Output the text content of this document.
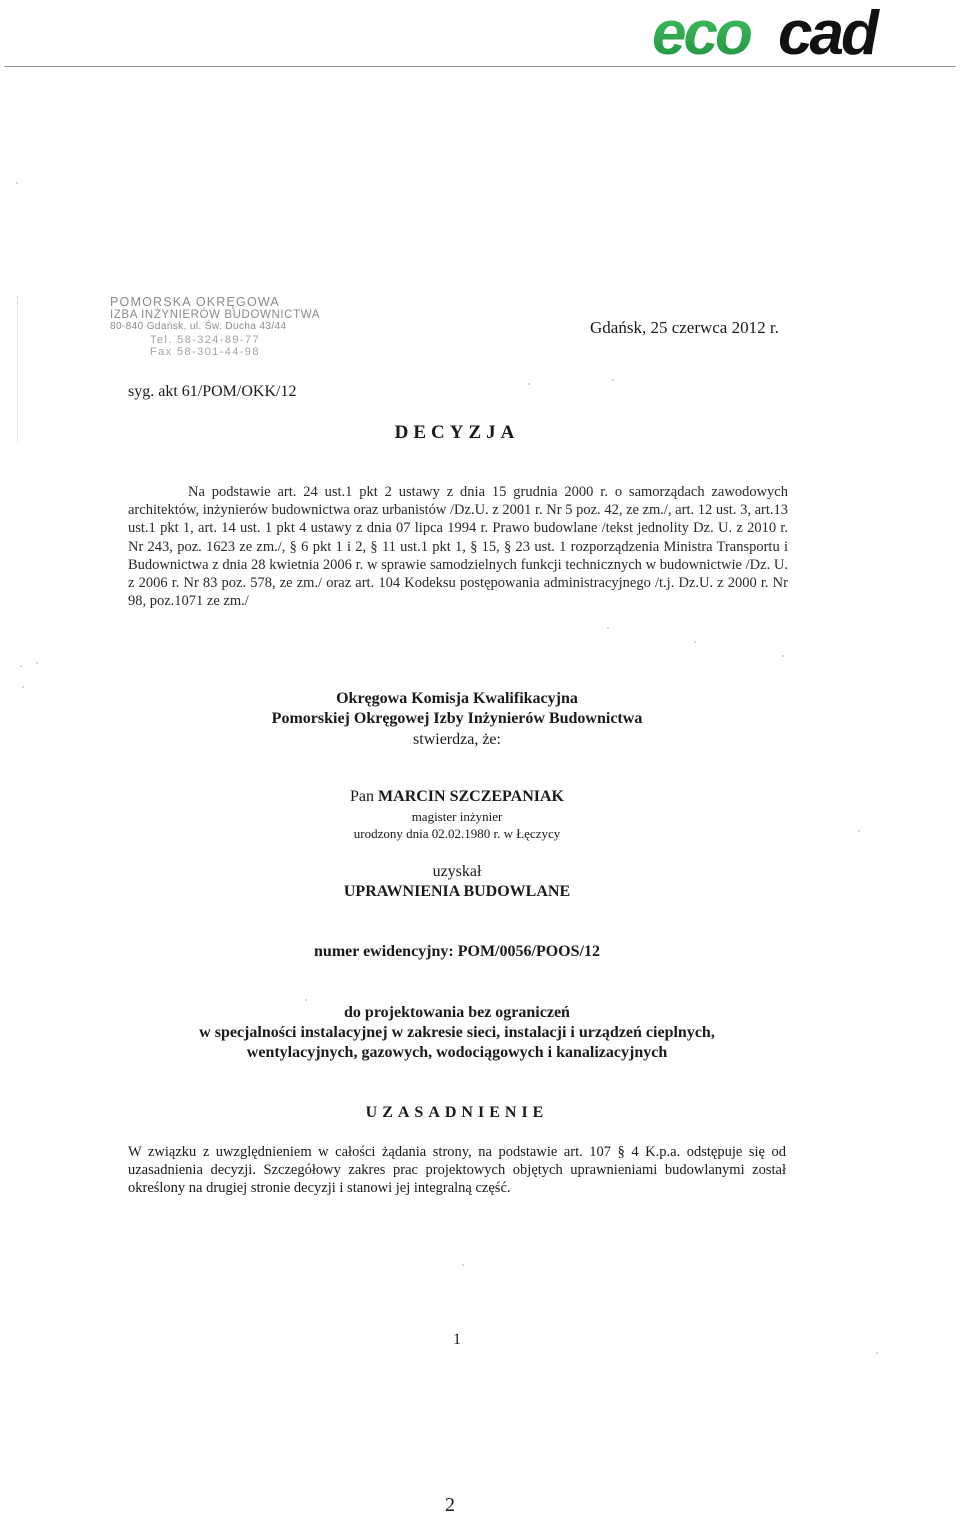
eco cad
POMORSKA OKRĘGOWA
IZBA INŻYNIERÓW BUDOWNICTWA
80-840 Gdańsk, ul. Św. Ducha 43/44
Tel. 58-324-89-77
Fax 58-301-44-98
Gdańsk, 25 czerwca 2012 r.
syg. akt 61/POM/OKK/12
DECYZJA
Na podstawie art. 24 ust.1 pkt 2 ustawy z dnia 15 grudnia 2000 r. o samorządach zawodowych architektów, inżynierów budownictwa oraz urbanistów /Dz.U. z 2001 r. Nr 5 poz. 42, ze zm./, art. 12 ust. 3, art.13 ust.1 pkt 1, art. 14 ust. 1 pkt 4 ustawy z dnia 07 lipca 1994 r. Prawo budowlane /tekst jednolity Dz. U. z 2010 r. Nr 243, poz. 1623 ze zm./, § 6 pkt 1 i 2, § 11 ust.1 pkt 1, § 15, § 23 ust. 1 rozporządzenia Ministra Transportu i Budownictwa z dnia 28 kwietnia 2006 r. w sprawie samodzielnych funkcji technicznych w budownictwie /Dz. U. z 2006 r. Nr 83 poz. 578, ze zm./ oraz art. 104 Kodeksu postępowania administracyjnego /t.j. Dz.U. z 2000 r. Nr 98, poz.1071 ze zm./
Okręgowa Komisja Kwalifikacyjna
Pomorskiej Okręgowej Izby Inżynierów Budownictwa
stwierdza, że:
Pan MARCIN SZCZEPANIAK
magister inżynier
urodzony dnia 02.02.1980 r. w Łęczycy
uzyskał
UPRAWNIENIA BUDOWLANE
numer ewidencyjny: POM/0056/POOS/12
do projektowania bez ograniczeń
w specjalności instalacyjnej w zakresie sieci, instalacji i urządzeń cieplnych,
wentylacyjnych, gazowych, wodociągowych i kanalizacyjnych
UZASADNIENIE
W związku z uwzględnieniem w całości żądania strony, na podstawie art. 107 § 4 K.p.a. odstępuje się od uzasadnienia decyzji. Szczegółowy zakres prac projektowych objętych uprawnieniami budowlanymi został określony na drugiej stronie decyzji i stanowi jej integralną część.
1
2
